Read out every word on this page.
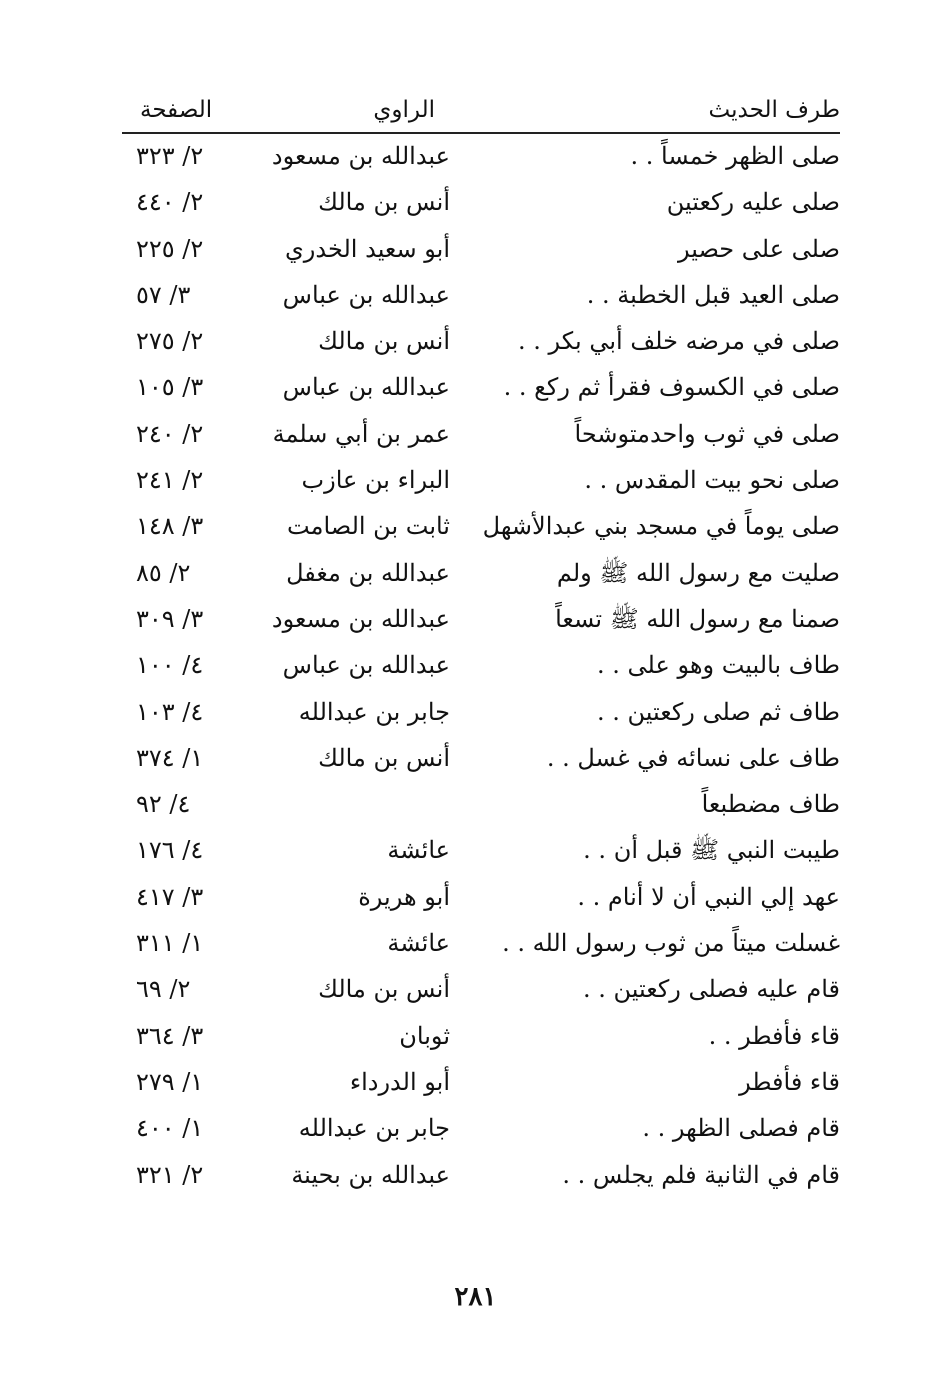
طرف الحديث
الراوي
الصفحة
صلى الظهر خمساً . .
عبدالله بن مسعود
٢/ ٣٢٣
صلى عليه ركعتين
أنس بن مالك
٢/ ٤٤٠
صلى على حصير
أبو سعيد الخدري
٢/ ٢٢٥
صلى العيد قبل الخطبة . .
عبدالله بن عباس
٣/ ٥٧
صلى في مرضه خلف أبي بكر . .
أنس بن مالك
٢/ ٢٧٥
صلى في الكسوف فقرأ ثم ركع . .
عبدالله بن عباس
٣/ ١٠٥
صلى في ثوب واحدمتوشحاً
عمر بن أبي سلمة
٢/ ٢٤٠
صلى نحو بيت المقدس . .
البراء بن عازب
٢/ ٢٤١
صلى يوماً في مسجد بني عبدالأشهل
ثابت بن الصامت
٣/ ١٤٨
صليت مع رسول الله ﷺ ولم
عبدالله بن مغفل
٢/ ٨٥
صمنا مع رسول الله ﷺ تسعاً
عبدالله بن مسعود
٣/ ٣٠٩
طاف بالبيت وهو على . .
عبدالله بن عباس
٤/ ١٠٠
طاف ثم صلى ركعتين . .
جابر بن عبدالله
٤/ ١٠٣
طاف على نسائه في غسل . .
أنس بن مالك
١/ ٣٧٤
طاف مضطبعاً
٤/ ٩٢
طيبت النبي ﷺ قبل أن . .
عائشة
٤/ ١٧٦
عهد إلي النبي أن لا أنام . .
أبو هريرة
٣/ ٤١٧
غسلت ميتاً من ثوب رسول الله . .
عائشة
١/ ٣١١
قام عليه فصلى ركعتين . .
أنس بن مالك
٢/ ٦٩
قاء فأفطر . .
ثوبان
٣/ ٣٦٤
قاء فأفطر
أبو الدرداء
١/ ٢٧٩
قام فصلى الظهر . .
جابر بن عبدالله
١/ ٤٠٠
قام في الثانية فلم يجلس . .
عبدالله بن بحينة
٢/ ٣٢١
٢٨١
